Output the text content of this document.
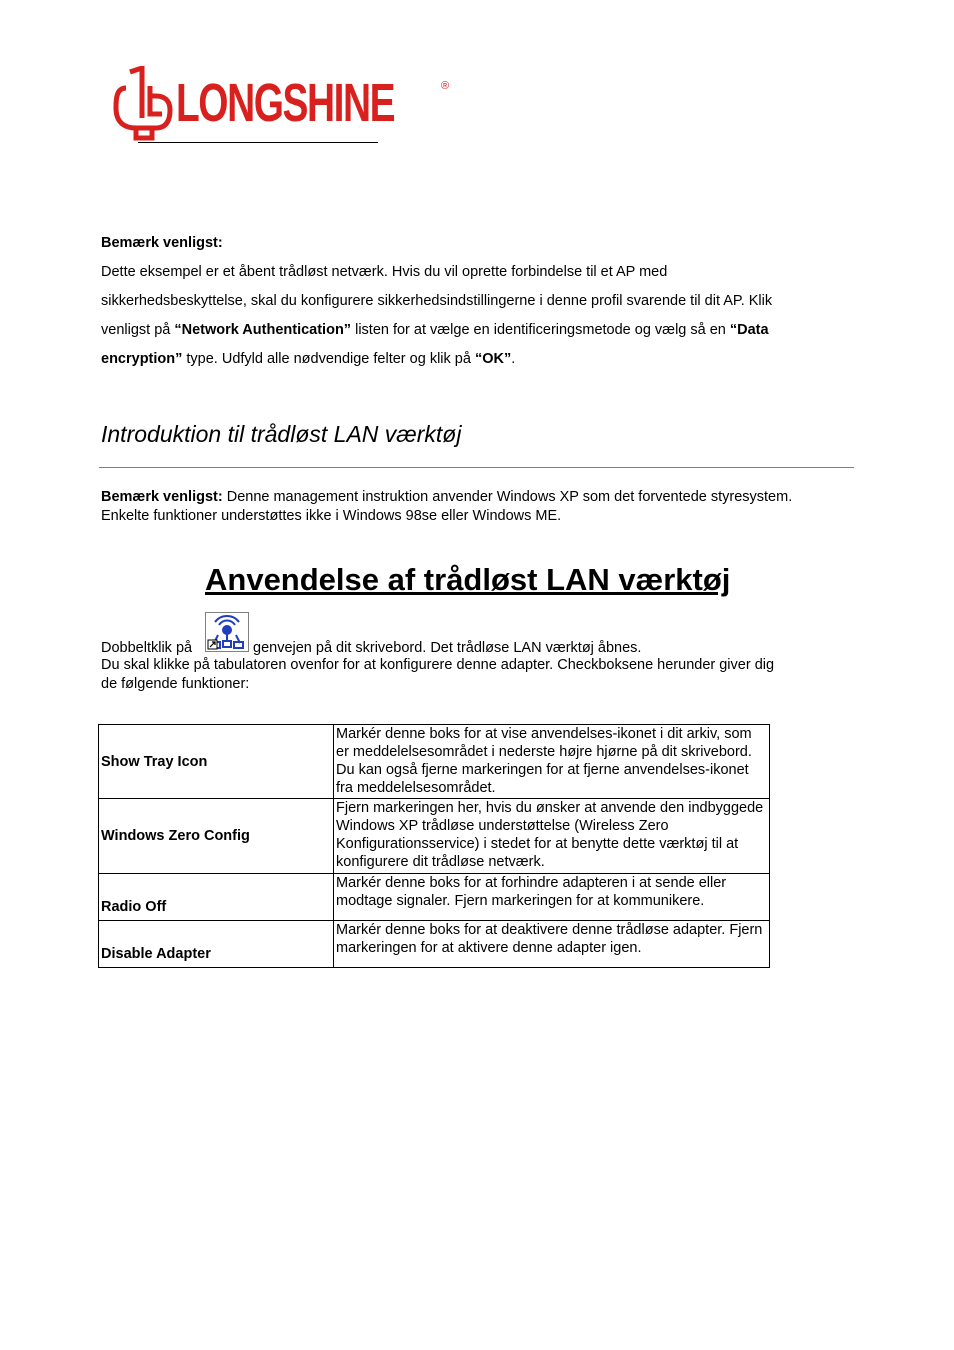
LONGSHINE	®

Bemærk venligst:

Dette eksempel er et åbent trådløst netværk. Hvis du vil oprette forbindelse til et AP med

sikkerhedsbeskyttelse, skal du konfigurere sikkerhedsindstillingerne i denne profil svarende til dit AP. Klik

venligst på “Network Authentication” listen for at vælge en identificeringsmetode og vælg så en “Data

encryption” type. Udfyld alle nødvendige felter og klik på “OK”.

Introduktion til trådløst LAN værktøj

Bemærk venligst: Denne management instruktion anvender Windows XP som det forventede styresystem.

Enkelte funktioner understøttes ikke i Windows 98se eller Windows ME.

Anvendelse af trådløst LAN værktøj
Dobbeltklik på	genvejen på dit skrivebord. Det trådløse LAN værktøj åbnes.

Du skal klikke på tabulatoren ovenfor for at konfigurere denne adapter. Checkboksene herunder giver dig

de følgende funktioner:

Show Tray Icon	Markér denne boks for at vise anvendelses-ikonet i dit arkiv, som er meddelelsesområdet i nederste højre hjørne på dit skrivebord. Du kan også fjerne markeringen for at fjerne anvendelses-ikonet fra meddelelsesområdet.
Windows Zero Config	Fjern markeringen her, hvis du ønsker at anvende den indbyggede Windows XP trådløse understøttelse (Wireless Zero Konfigurationsservice) i stedet for at benytte dette værktøj til at konfigurere dit trådløse netværk.
Radio Off	Markér denne boks for at forhindre adapteren i at sende eller modtage signaler. Fjern markeringen for at kommunikere.
Disable Adapter	Markér denne boks for at deaktivere denne trådløse adapter. Fjern markeringen for at aktivere denne adapter igen.
